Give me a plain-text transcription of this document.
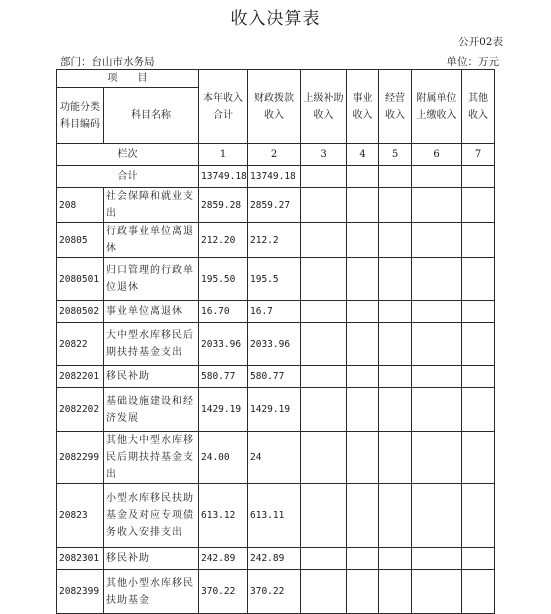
收入决算表
公开02表
部门：台山市水务局	单位：万元
项　　目		本年收入合计	财政拨款收入	上级补助收入	事业收入	经营收入	附属单位上缴收入	其他收入
功能分类科目编码	科目名称							
栏次		1	2	3	4	5	6	7
合计		13749.18	13749.18					
208	社会保障和就业支出	2859.28	2859.27					
20805	行政事业单位离退休	212.20	212.2					
2080501	归口管理的行政单位退休	195.50	195.5					
2080502	事业单位离退休	16.70	16.7					
20822	大中型水库移民后期扶持基金支出	2033.96	2033.96					
2082201	移民补助	580.77	580.77					
2082202	基础设施建设和经济发展	1429.19	1429.19					
2082299	其他大中型水库移民后期扶持基金支出	24.00	24					
20823	小型水库移民扶助基金及对应专项债务收入安排支出	613.12	613.11					
2082301	移民补助	242.89	242.89					
2082399	其他小型水库移民扶助基金	370.22	370.22					
